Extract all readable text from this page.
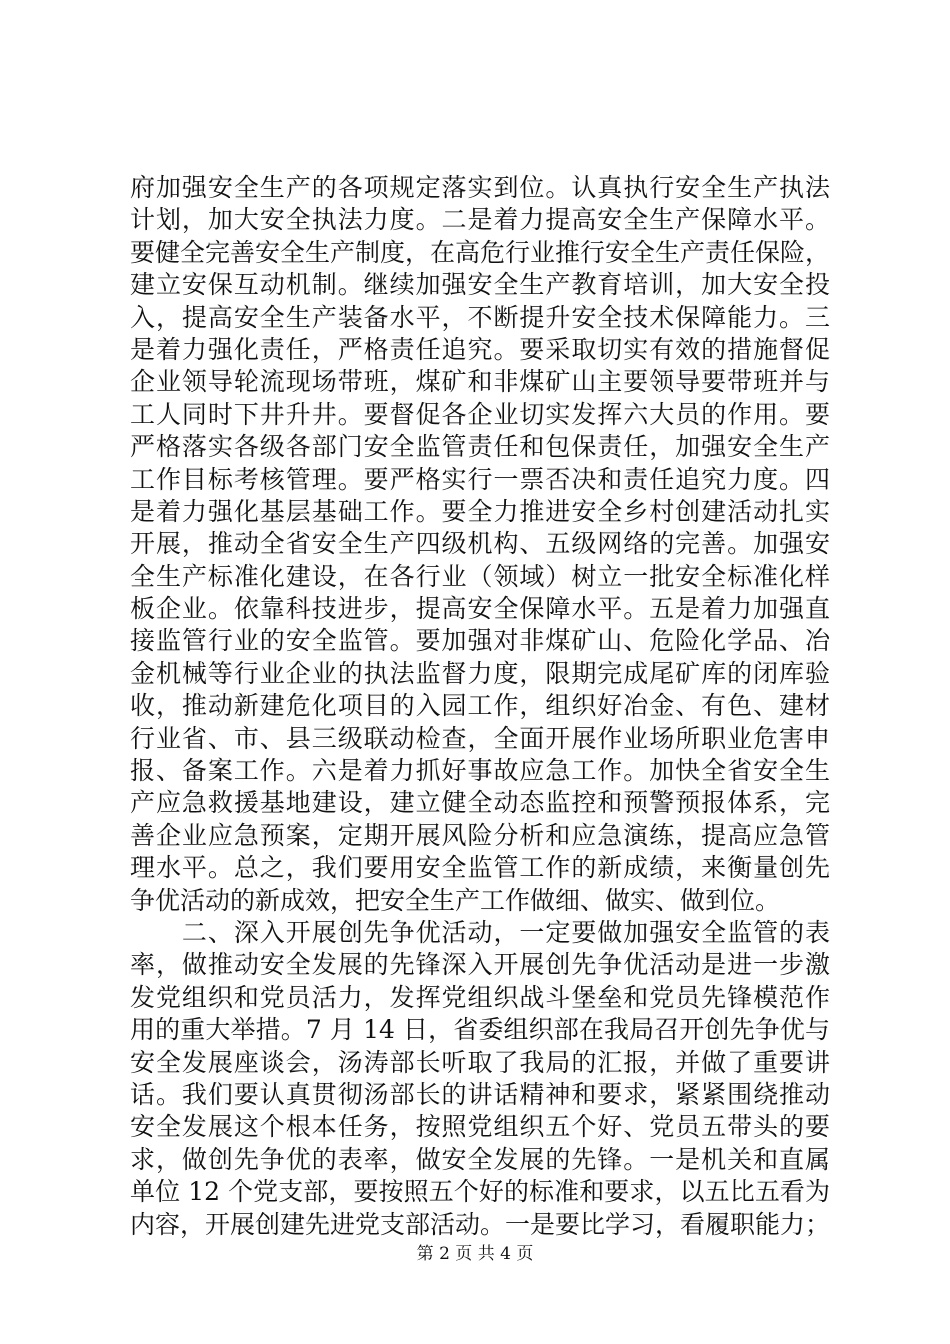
府加强安全生产的各项规定落实到位。认真执行安全生产执法
计划，加大安全执法力度。二是着力提高安全生产保障水平。
要健全完善安全生产制度，在高危行业推行安全生产责任保险，
建立安保互动机制。继续加强安全生产教育培训，加大安全投
入，提高安全生产装备水平，不断提升安全技术保障能力。三
是着力强化责任，严格责任追究。要采取切实有效的措施督促
企业领导轮流现场带班，煤矿和非煤矿山主要领导要带班并与
工人同时下井升井。要督促各企业切实发挥六大员的作用。要
严格落实各级各部门安全监管责任和包保责任，加强安全生产
工作目标考核管理。要严格实行一票否决和责任追究力度。四
是着力强化基层基础工作。要全力推进安全乡村创建活动扎实
开展，推动全省安全生产四级机构、五级网络的完善。加强安
全生产标准化建设，在各行业（领域）树立一批安全标准化样
板企业。依靠科技进步，提高安全保障水平。五是着力加强直
接监管行业的安全监管。要加强对非煤矿山、危险化学品、冶
金机械等行业企业的执法监督力度，限期完成尾矿库的闭库验
收，推动新建危化项目的入园工作，组织好冶金、有色、建材
行业省、市、县三级联动检查，全面开展作业场所职业危害申
报、备案工作。六是着力抓好事故应急工作。加快全省安全生
产应急救援基地建设，建立健全动态监控和预警预报体系，完
善企业应急预案，定期开展风险分析和应急演练，提高应急管
理水平。总之，我们要用安全监管工作的新成绩，来衡量创先
争优活动的新成效，把安全生产工作做细、做实、做到位。
　　二、深入开展创先争优活动，一定要做加强安全监管的表
率，做推动安全发展的先锋深入开展创先争优活动是进一步激
发党组织和党员活力，发挥党组织战斗堡垒和党员先锋模范作
用的重大举措。7 月 14 日，省委组织部在我局召开创先争优与
安全发展座谈会，汤涛部长听取了我局的汇报，并做了重要讲
话。我们要认真贯彻汤部长的讲话精神和要求，紧紧围绕推动
安全发展这个根本任务，按照党组织五个好、党员五带头的要
求，做创先争优的表率，做安全发展的先锋。一是机关和直属
单位 12 个党支部，要按照五个好的标准和要求，以五比五看为
内容，开展创建先进党支部活动。一是要比学习，看履职能力；
第 2 页 共 4 页
